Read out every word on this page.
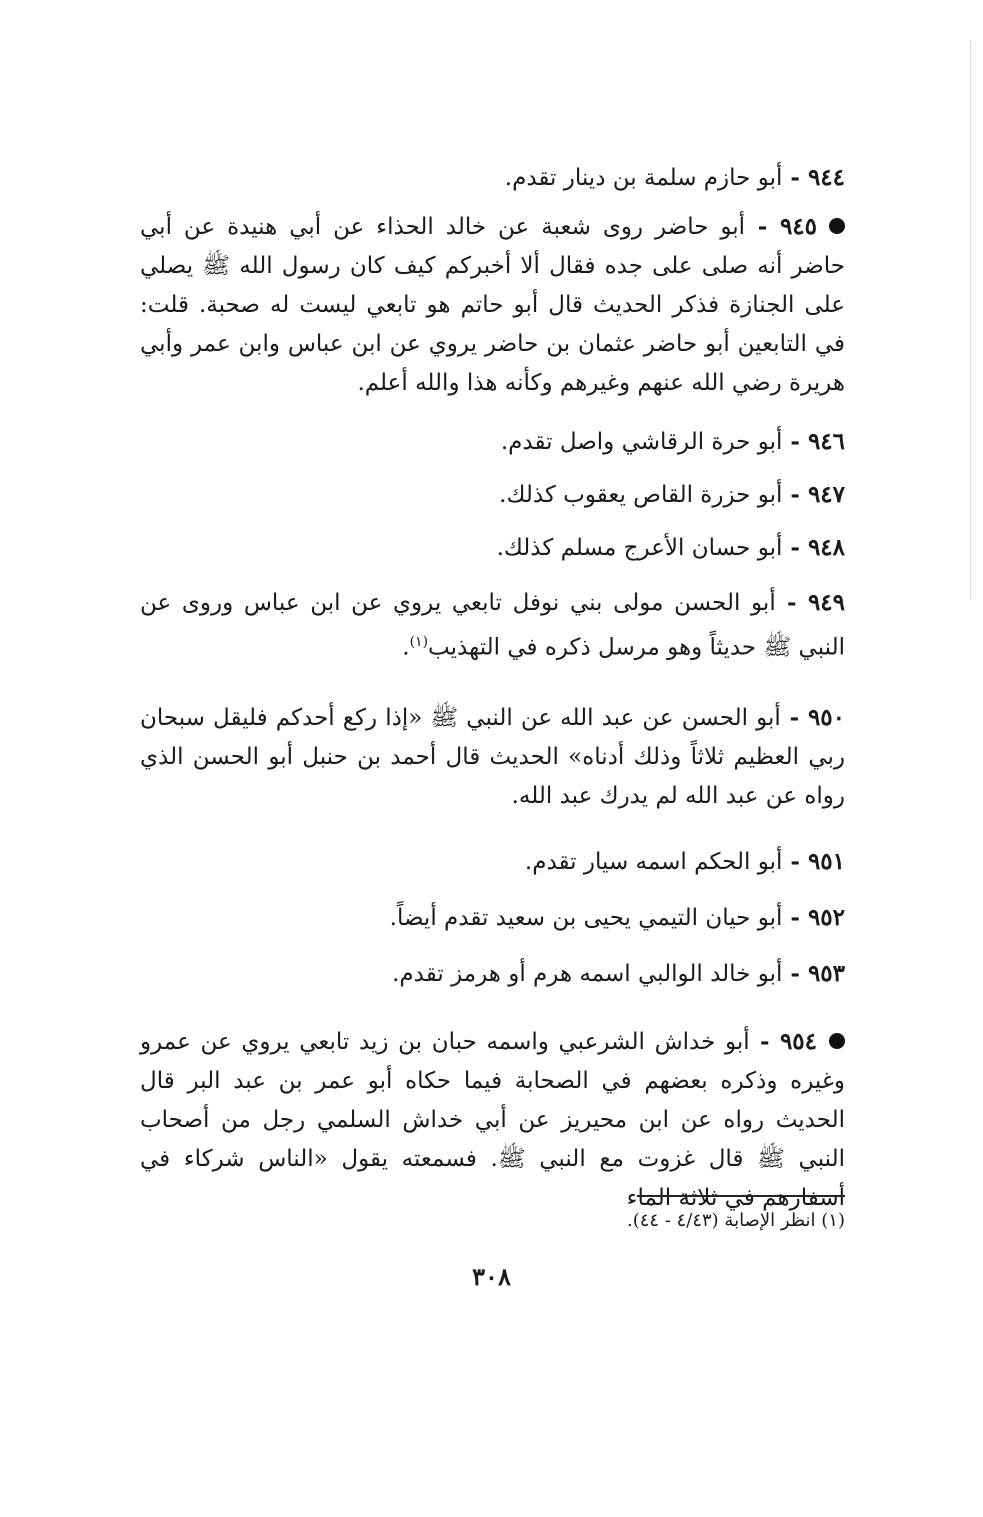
٩٤٤ - أبو حازم سلمة بن دينار تقدم.
٩٤٥ - أبو حاضر روى شعبة عن خالد الحذاء عن أبي هنيدة عن أبي حاضر أنه صلى على جده فقال ألا أخبركم كيف كان رسول الله ﷺ يصلي على الجنازة فذكر الحديث قال أبو حاتم هو تابعي ليست له صحبة. قلت: في التابعين أبو حاضر عثمان بن حاضر يروي عن ابن عباس وابن عمر وأبي هريرة رضي الله عنهم وغيرهم وكأنه هذا والله أعلم.
٩٤٦ - أبو حرة الرقاشي واصل تقدم.
٩٤٧ - أبو حزرة القاص يعقوب كذلك.
٩٤٨ - أبو حسان الأعرج مسلم كذلك.
٩٤٩ - أبو الحسن مولى بني نوفل تابعي يروي عن ابن عباس وروى عن النبي ﷺ حديثاً وهو مرسل ذكره في التهذيب$^{(١)}$.
٩٥٠ - أبو الحسن عن عبد الله عن النبي ﷺ «إذا ركع أحدكم فليقل سبحان ربي العظيم ثلاثاً وذلك أدناه» الحديث قال أحمد بن حنبل أبو الحسن الذي رواه عن عبد الله لم يدرك عبد الله.
٩٥١ - أبو الحكم اسمه سيار تقدم.
٩٥٢ - أبو حيان التيمي يحيى بن سعيد تقدم أيضاً.
٩٥٣ - أبو خالد الوالبي اسمه هرم أو هرمز تقدم.
٩٥٤ - أبو خداش الشرعبي واسمه حبان بن زيد تابعي يروي عن عمرو وغيره وذكره بعضهم في الصحابة فيما حكاه أبو عمر بن عبد البر قال الحديث رواه عن ابن محيريز عن أبي خداش السلمي رجل من أصحاب النبي ﷺ قال غزوت مع النبي ﷺ. فسمعته يقول «الناس شركاء في أسفارهم في ثلاثة الماء
(١) انظر الإصابة (٤/٤٣ - ٤٤).
٣٠٨
